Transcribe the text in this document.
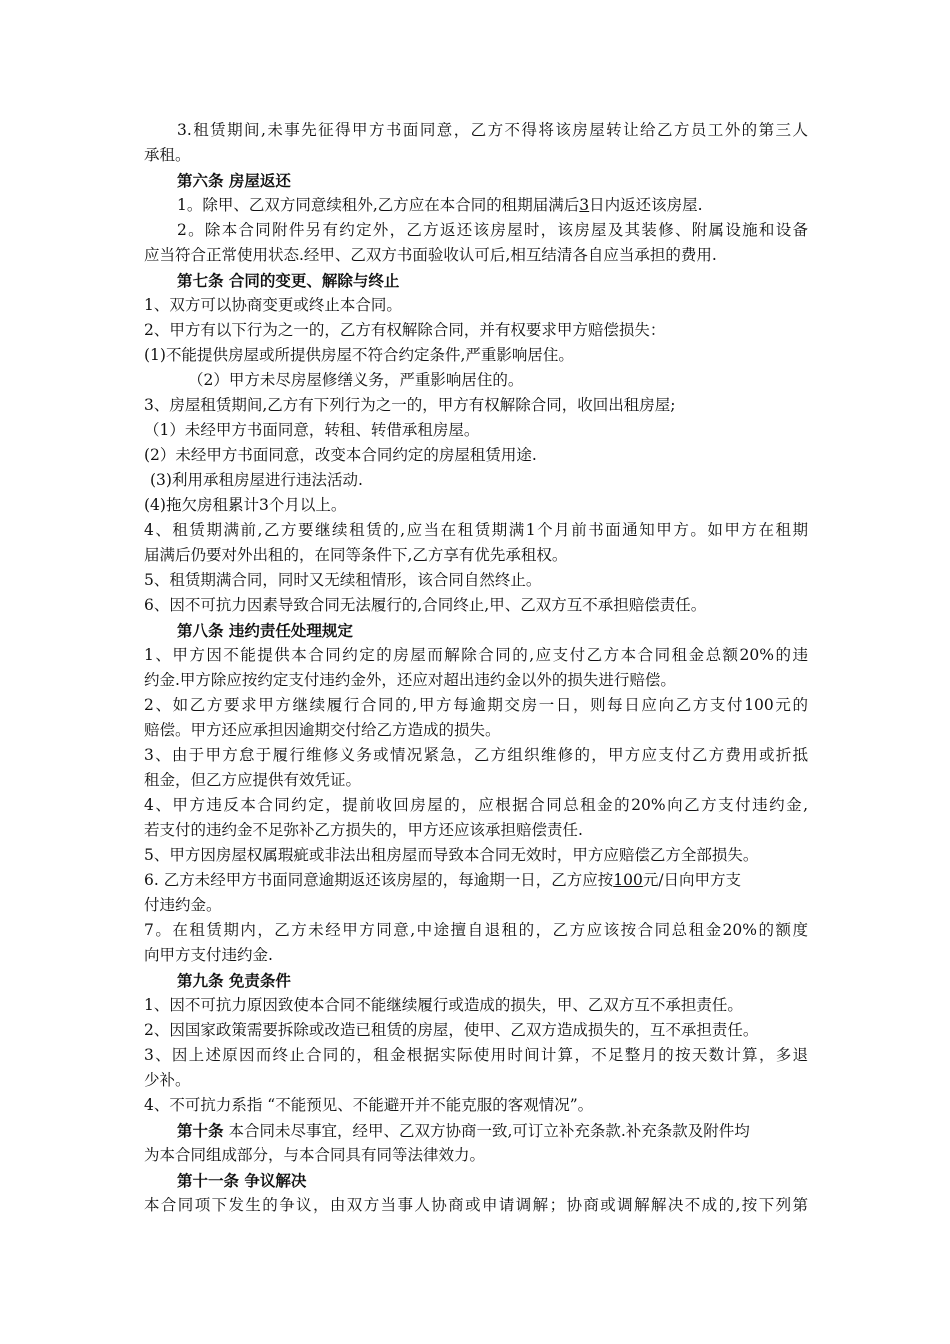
3.租赁期间,未事先征得甲方书面同意，乙方不得将该房屋转让给乙方员工外的第三人
承租。
第六条 房屋返还
1。除甲、乙双方同意续租外,乙方应在本合同的租期届满后3日内返还该房屋.
2。除本合同附件另有约定外，乙方返还该房屋时，该房屋及其装修、附属设施和设备
应当符合正常使用状态.经甲、乙双方书面验收认可后,相互结清各自应当承担的费用.
第七条 合同的变更、解除与终止
1、双方可以协商变更或终止本合同。
2、甲方有以下行为之一的，乙方有权解除合同，并有权要求甲方赔偿损失：
(1)不能提供房屋或所提供房屋不符合约定条件,严重影响居住。
（2）甲方未尽房屋修缮义务，严重影响居住的。
3、房屋租赁期间,乙方有下列行为之一的，甲方有权解除合同，收回出租房屋;
（1）未经甲方书面同意，转租、转借承租房屋。
(2）未经甲方书面同意，改变本合同约定的房屋租赁用途.
(3)利用承租房屋进行违法活动.
(4)拖欠房租累计3个月以上。
4、租赁期满前,乙方要继续租赁的,应当在租赁期满1个月前书面通知甲方。如甲方在租期
届满后仍要对外出租的，在同等条件下,乙方享有优先承租权。
5、租赁期满合同，同时又无续租情形，该合同自然终止。
6、因不可抗力因素导致合同无法履行的,合同终止,甲、乙双方互不承担赔偿责任。
第八条 违约责任处理规定
1、甲方因不能提供本合同约定的房屋而解除合同的,应支付乙方本合同租金总额20%的违
约金.甲方除应按约定支付违约金外，还应对超出违约金以外的损失进行赔偿。
2、如乙方要求甲方继续履行合同的,甲方每逾期交房一日，则每日应向乙方支付100元的
赔偿。甲方还应承担因逾期交付给乙方造成的损失。
3、由于甲方怠于履行维修义务或情况紧急，乙方组织维修的，甲方应支付乙方费用或折抵
租金，但乙方应提供有效凭证。
4、甲方违反本合同约定，提前收回房屋的，应根据合同总租金的20%向乙方支付违约金,
若支付的违约金不足弥补乙方损失的，甲方还应该承担赔偿责任.
5、甲方因房屋权属瑕疵或非法出租房屋而导致本合同无效时，甲方应赔偿乙方全部损失。
6. 乙方未经甲方书面同意逾期返还该房屋的，每逾期一日，乙方应按100元/日向甲方支
付违约金。
7。在租赁期内，乙方未经甲方同意,中途擅自退租的，乙方应该按合同总租金20%的额度
向甲方支付违约金.
第九条 免责条件
1、因不可抗力原因致使本合同不能继续履行或造成的损失，甲、乙双方互不承担责任。
2、因国家政策需要拆除或改造已租赁的房屋，使甲、乙双方造成损失的，互不承担责任。
3、因上述原因而终止合同的，租金根据实际使用时间计算，不足整月的按天数计算，多退
少补。
4、不可抗力系指 “不能预见、不能避开并不能克服的客观情况”。
第十条 本合同未尽事宜，经甲、乙双方协商一致,可订立补充条款.补充条款及附件均
为本合同组成部分，与本合同具有同等法律效力。
第十一条 争议解决
本合同项下发生的争议，由双方当事人协商或申请调解；协商或调解解决不成的,按下列第
